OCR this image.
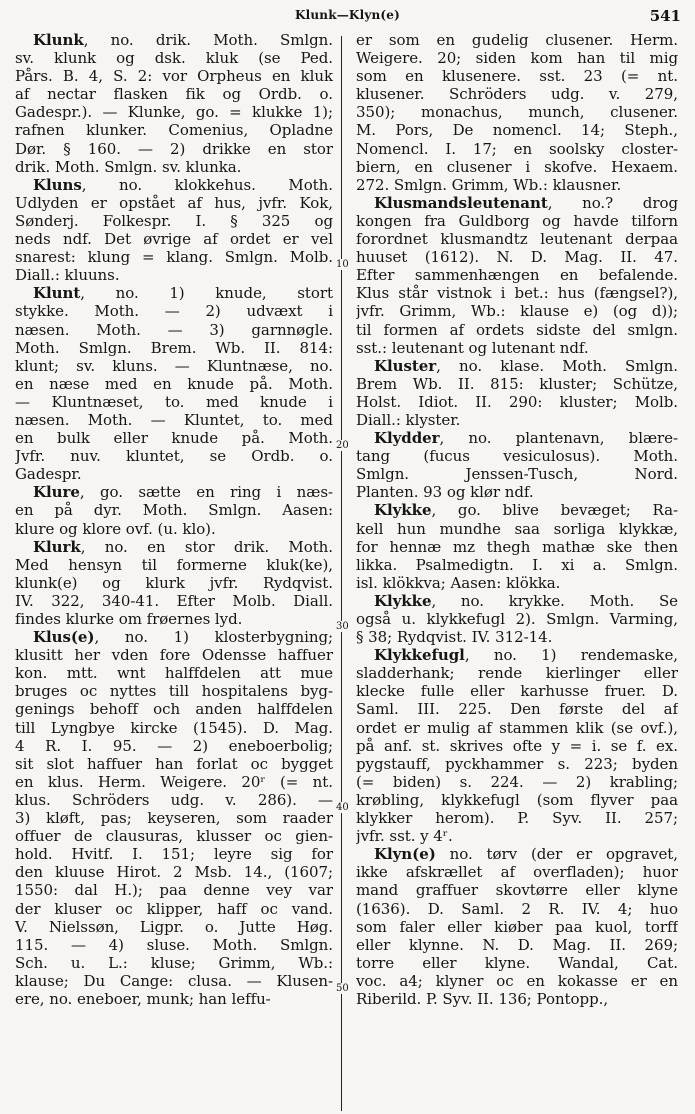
Klunk—Klyn(e)	541
Klunk, no. drik. Moth. Smlgn.
sv. klunk og dsk. kluk (se Ped.
Pårs. B. 4, S. 2: vor Orpheus en kluk
af nectar flasken fik og Ordb. o.
Gadespr.). — Klunke, go. = klukke 1);
rafnen klunker. Comenius, Opladne
Dør. § 160. — 2) drikke en stor
drik. Moth. Smlgn. sv. klunka.
Kluns, no. klokkehus. Moth.
Udlyden er opstået af hus, jvfr. Kok,
Sønderj. Folkespr. I. § 325 og
neds ndf. Det øvrige af ordet er vel
snarest: klung = klang. Smlgn. Molb.
Diall.: kluuns.
Klunt, no. 1) knude, stort
stykke. Moth. — 2) udvæxt i
næsen. Moth. — 3) garnnøgle.
Moth. Smlgn. Brem. Wb. II. 814:
klunt; sv. kluns. — Kluntnæse, no.
en næse med en knude på. Moth.
— Kluntnæset, to. med knude i
næsen. Moth. — Kluntet, to. med
en bulk eller knude på. Moth.
Jvfr. nuv. kluntet, se Ordb. o.
Gadespr.
Klure, go. sætte en ring i næs-
en på dyr. Moth. Smlgn. Aasen:
klure og klore ovf. (u. klo).
Klurk, no. en stor drik. Moth.
Med hensyn til formerne kluk(ke),
klunk(e) og klurk jvfr. Rydqvist.
IV. 322, 340-41. Efter Molb. Diall.
findes klurke om frøernes lyd.
Klus(e), no. 1) klosterbygning;
klusitt her vden fore Odensse haffuer
kon. mtt. wnt halffdelen att mue
bruges oc nyttes till hospitalens byg-
genings behoff och anden halffdelen
till Lyngbye kircke (1545). D. Mag.
4 R. I. 95. — 2) eneboerbolig;
sit slot haffuer han forlat oc bygget
en klus. Herm. Weigere. 20ʳ (= nt.
klus. Schröders udg. v. 286). —
3) kløft, pas; keyseren, som raader
offuer de clausuras, klusser oc gien-
hold. Hvitf. I. 151; leyre sig for
den kluuse Hirot. 2 Msb. 14., (1607;
1550: dal H.); paa denne vey var
der kluser oc klipper, haff oc vand.
V. Nielssøn, Ligpr. o. Jutte Høg.
115. — 4) sluse. Moth. Smlgn.
Sch. u. L.: kluse; Grimm, Wb.:
klause; Du Cange: clusa. — Klusen-
ere, no. eneboer, munk; han leffu-
er som en gudelig clusener. Herm.
Weigere. 20; siden kom han til mig
som en klusenere. sst. 23 (= nt.
klusener. Schröders udg. v. 279,
350); monachus, munch, clusener.
M. Pors, De nomencl. 14; Steph.,
Nomencl. I. 17; en soolsky closter-
biern, en clusener i skofve. Hexaem.
272. Smlgn. Grimm, Wb.: klausner.
Klusmandsleutenant, no.? drog
kongen fra Guldborg og havde tilforn
forordnet klusmandtz leutenant derpaa
huuset (1612). N. D. Mag. II. 47.
Efter sammenhængen en befalende.
Klus står vistnok i bet.: hus (fængsel?),
jvfr. Grimm, Wb.: klause e) (og d));
til formen af ordets sidste del smlgn.
sst.: leutenant og lutenant ndf.
Kluster, no. klase. Moth. Smlgn.
Brem Wb. II. 815: kluster; Schütze,
Holst. Idiot. II. 290: kluster; Molb.
Diall.: klyster.
Klydder, no. plantenavn, blære-
tang (fucus vesiculosus). Moth.
Smlgn. Jenssen-Tusch, Nord.
Planten. 93 og klør ndf.
Klykke, go. blive bevæget; Ra-
kell hun mundhe saa sorliga klykkæ,
for hennæ mz thegh mathæ ske then
likka. Psalmedigtn. I. xi a. Smlgn.
isl. klökkva; Aasen: klökka.
Klykke, no. krykke. Moth. Se
også u. klykkefugl 2). Smlgn. Varming,
§ 38; Rydqvist. IV. 312-14.
Klykkefugl, no. 1) rendemaske,
sladderhank; rende kierlinger eller
klecke fulle eller karhusse fruer. D.
Saml. III. 225. Den første del af
ordet er mulig af stammen klik (se ovf.),
på anf. st. skrives ofte y = i. se f. ex.
pygstauff, pyckhammer s. 223; byden
(= biden) s. 224. — 2) krabling;
krøbling, klykkefugl (som flyver paa
klykker herom). P. Syv. II. 257;
jvfr. sst. y 4ʳ.
Klyn(e) no. tørv (der er opgravet,
ikke afskrællet af overfladen); huor
mand graffuer skovtørre eller klyne
(1636). D. Saml. 2 R. IV. 4; huo
som faler eller kiøber paa kuol, torff
eller klynne. N. D. Mag. II. 269;
torre eller klyne. Wandal, Cat.
voc. a4; klyner oc en kokasse er en
Riberild. P. Syv. II. 136; Pontopp.,
10
20
30
40
50
